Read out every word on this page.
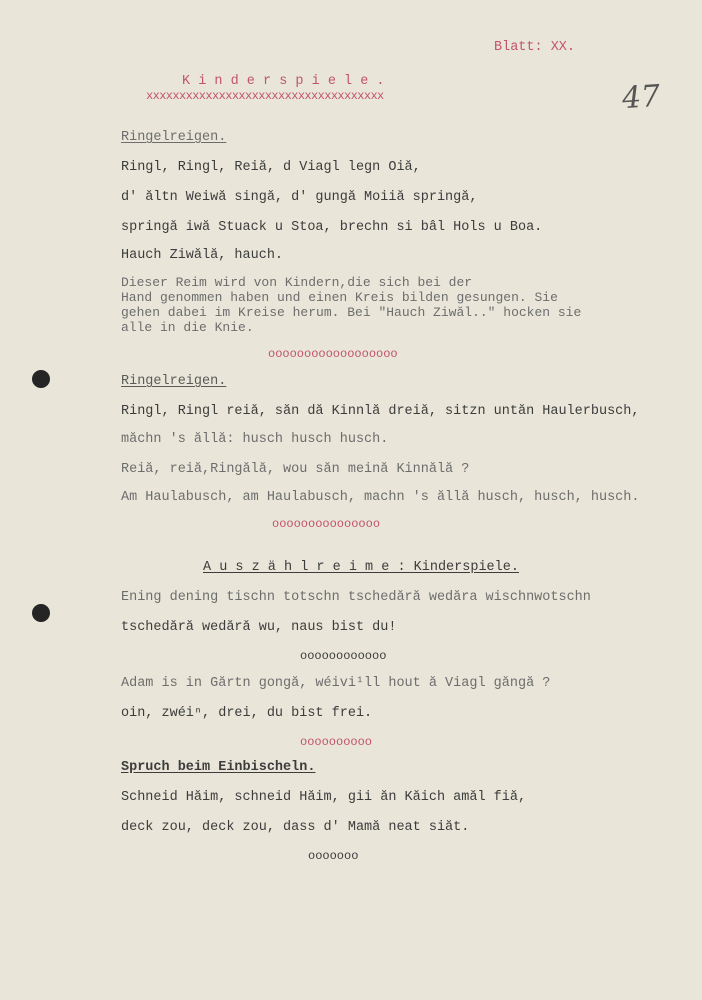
Blatt: XX.
47
K i n d e r s p i e l e .
xxxxxxxxxxxxxxxxxxxxxxxxxxxxxxxxxxxx
Ringelreigen.
Ringl, Ringl, Reiă, d Viagl legn Oiă,
d' ăltn Weiwă singă, d' gungă Moiiă springă,
springă iwă Stuack u Stoa, brechn si bâl Hols u Boa.
Hauch Ziwălă, hauch.
Dieser Reim wird von Kindern,die sich bei der
Hand genommen haben und einen Kreis bilden gesungen. Sie
gehen dabei im Kreise herum. Bei "Hauch Ziwăl.." hocken sie
alle in die Knie.
oooooooooooooooooo
Ringelreigen.
Ringl, Ringl reiă, săn dă Kinnlă dreiă, sitzn untăn Haulerbusch,
măchn 's ăllă: husch husch husch.
Reiă, reiă,Ringălă, wou săn meină Kinnălă ?
Am Haulabusch, am Haulabusch, machn 's ăllă husch, husch, husch.
ooooooooooooooo
A u s z ä h l r e i m e : Kinderspiele.
Ening dening tischn totschn tschedără wedăra wischnwotschn
tschedără wedără wu, naus bist du!
oooooooooooo
Adam is in Gărtn gongă, wéivi¹ll hout ă Viagl găngă ?
oin, zwéiⁿ, drei, du bist frei.
oooooooooo
Spruch beim Einbischeln.
Schneid Hăim, schneid Hăim, gii ăn Kăich amăl fiă,
deck zou, deck zou, dass d' Mamă neat siăt.
ooooooo
